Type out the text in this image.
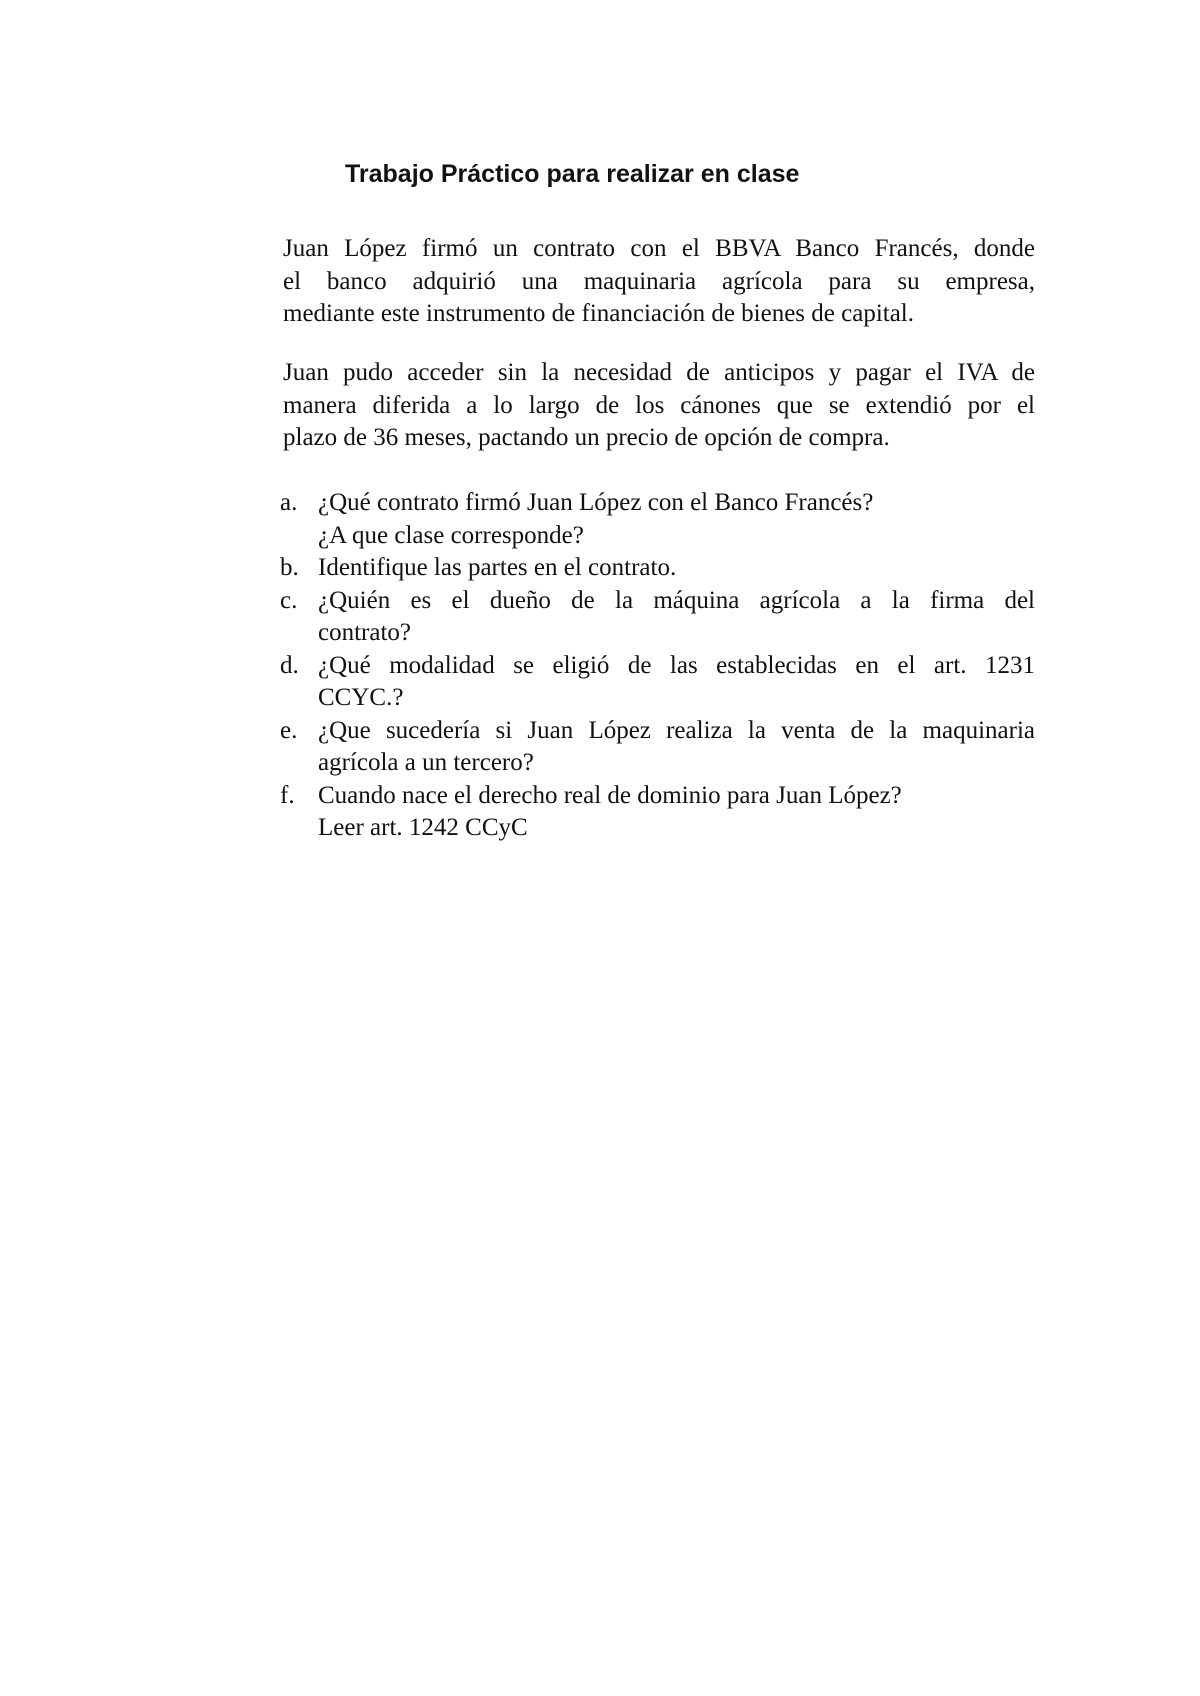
Trabajo Práctico para realizar en clase

Juan López firmó un contrato con el BBVA Banco Francés, donde
el banco adquirió una maquinaria agrícola para su empresa,
mediante este instrumento de financiación de bienes de capital.

Juan pudo acceder sin la necesidad de anticipos y pagar el IVA de
manera diferida a lo largo de los cánones que se extendió por el
plazo de 36 meses, pactando un precio de opción de compra.

a. ¿Qué contrato firmó Juan López con el Banco Francés?
¿A que clase corresponde?
b. Identifique las partes en el contrato.
c. ¿Quién es el dueño de la máquina agrícola a la firma del
contrato?
d. ¿Qué modalidad se eligió de las establecidas en el art. 1231
CCYC.?
e. ¿Que sucedería si Juan López realiza la venta de la maquinaria
agrícola a un tercero?
f. Cuando nace el derecho real de dominio para Juan López?
Leer art. 1242 CCyC
